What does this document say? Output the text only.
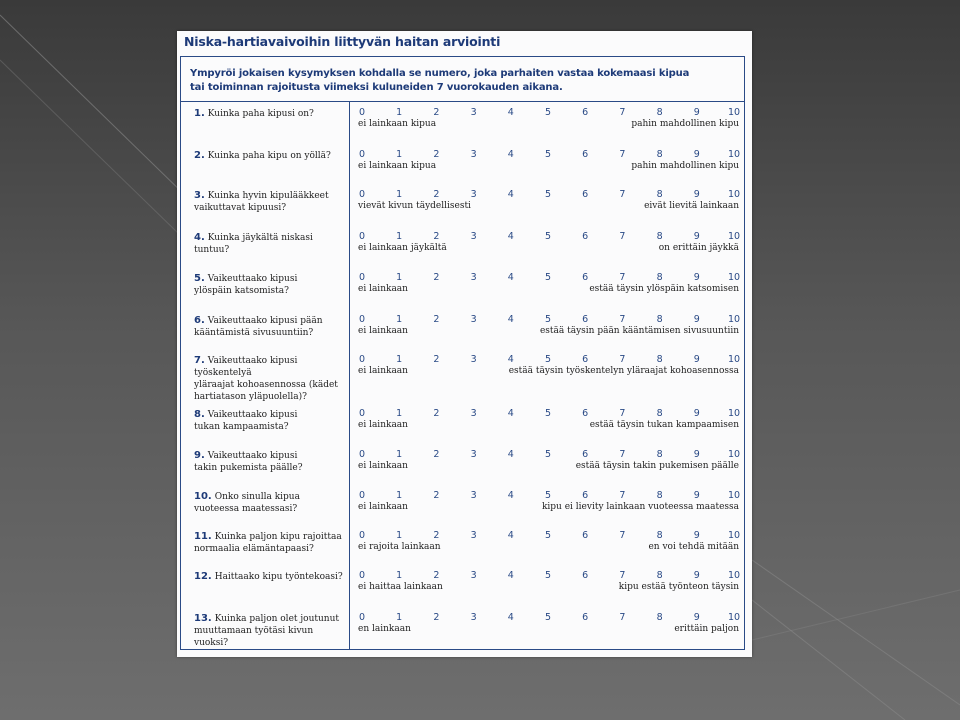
Niska-hartiavaivoihin liittyvän haitan arviointi
Ympyröi jokaisen kysymyksen kohdalla se numero, joka parhaiten vastaa kokemaasi kipua
tai toiminnan rajoitusta viimeksi kuluneiden 7 vuorokauden aikana.
1. Kuinka paha kipusi on?	0	1	2	3	4	5	6	7	8	9	10
ei lainkaan kipua	pahin mahdollinen kipu
2. Kuinka paha kipu on yöllä?	0	1	2	3	4	5	6	7	8	9	10
ei lainkaan kipua	pahin mahdollinen kipu
3. Kuinka hyvin kipulääkkeet
vaikuttavat kipuusi?
0	1	2	3	4	5	6	7	8	9	10
vievät kivun täydellisesti	eivät lievitä lainkaan
4. Kuinka jäykältä niskasi tuntuu?
0	1	2	3	4	5	6	7	8	9	10
ei lainkaan jäykältä	on erittäin jäykkä
5. Vaikeuttaako kipusi
ylöspäin katsomista?
0	1	2	3	4	5	6	7	8	9	10
ei lainkaan	estää täysin ylöspäin katsomisen
6. Vaikeuttaako kipusi pään
kääntämistä sivusuuntiin?
0	1	2	3	4	5	6	7	8	9	10
ei lainkaan	estää täysin pään kääntämisen sivusuuntiin
7. Vaikeuttaako kipusi työskentelyä
yläraajat kohoasennossa (kädet
hartiatason yläpuolella)?
0	1	2	3	4	5	6	7	8	9	10
ei lainkaan	estää täysin työskentelyn yläraajat kohoasennossa
8. Vaikeuttaako kipusi
tukan kampaamista?
0	1	2	3	4	5	6	7	8	9	10
ei lainkaan	estää täysin tukan kampaamisen
9. Vaikeuttaako kipusi
takin pukemista päälle?
0	1	2	3	4	5	6	7	8	9	10
ei lainkaan	estää täysin takin pukemisen päälle
10. Onko sinulla kipua
vuoteessa maatessasi?
0	1	2	3	4	5	6	7	8	9	10
ei lainkaan	kipu ei lievity lainkaan vuoteessa maatessa
11. Kuinka paljon kipu rajoittaa
normaalia elämäntapaasi?
0	1	2	3	4	5	6	7	8	9	10
ei rajoita lainkaan	en voi tehdä mitään
12. Haittaako kipu työntekoasi?	0	1	2	3	4	5	6	7	8	9	10
ei haittaa lainkaan	kipu estää työnteon täysin
13. Kuinka paljon olet joutunut
muuttamaan työtäsi kivun vuoksi?
0	1	2	3	4	5	6	7	8	9	10
en lainkaan	erittäin paljon
